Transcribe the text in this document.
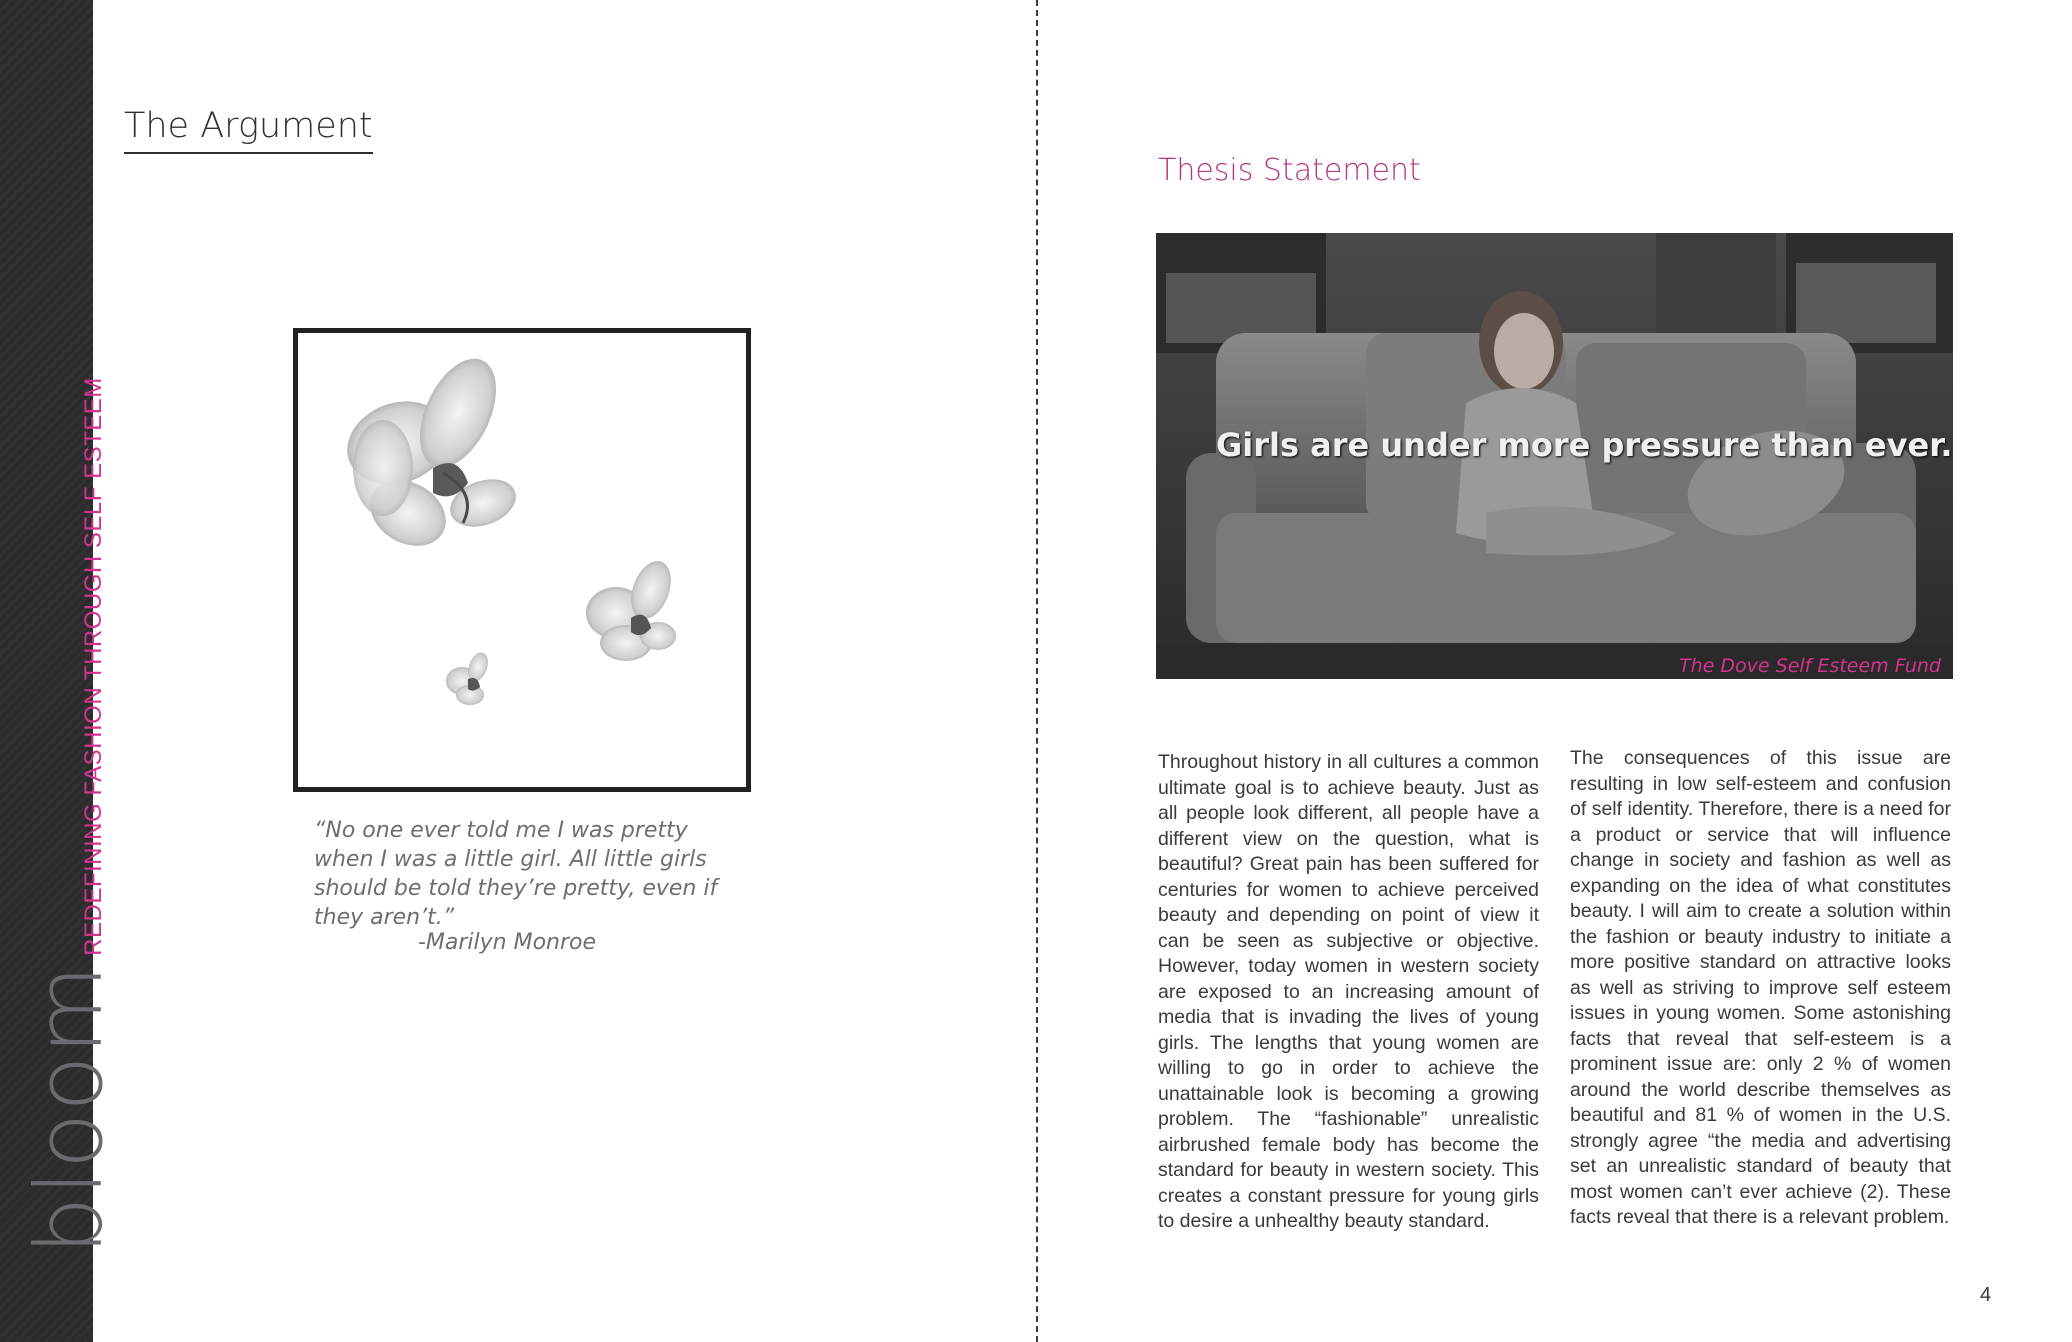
bloom
REDEFINING FASHION THROUGH SELF ESTEEM
The Argument
“No one ever told me I was pretty when I was a little girl. All little girls should be told they’re pretty, even if they aren’t.”
-Marilyn Monroe
Thesis Statement
Girls are under more pressure than ever.
The Dove Self Esteem Fund
Throughout history in all cultures a common ultimate goal is to achieve beauty. Just as all people look different, all people have a different view on the question, what is beautiful? Great pain has been suffered for centuries for women to achieve perceived beauty and depending on point of view it can be seen as subjective or objective. However, today women in western society are exposed to an increasing amount of media that is invading the lives of young girls. The lengths that young women are willing to go in order to achieve the unattainable look is becoming a growing problem. The “fashionable” unrealistic airbrushed female body has become the standard for beauty in western society. This creates a constant pressure for young girls to desire a unhealthy beauty standard.
The consequences of this issue are resulting in low self-esteem and confusion of self identity. Therefore, there is a need for a product or service that will influence change in society and fashion as well as expanding on the idea of what constitutes beauty. I will aim to create a solution within the fashion or beauty industry to initiate a more positive standard on attractive looks as well as striving to improve self esteem issues in young women. Some astonishing facts that reveal that self-esteem is a prominent issue are: only 2 % of women around the world describe themselves as beautiful and 81 % of women in the U.S. strongly agree “the media and advertising set an unrealistic standard of beauty that most women can’t ever achieve (2). These facts reveal that there is a relevant problem.
4
